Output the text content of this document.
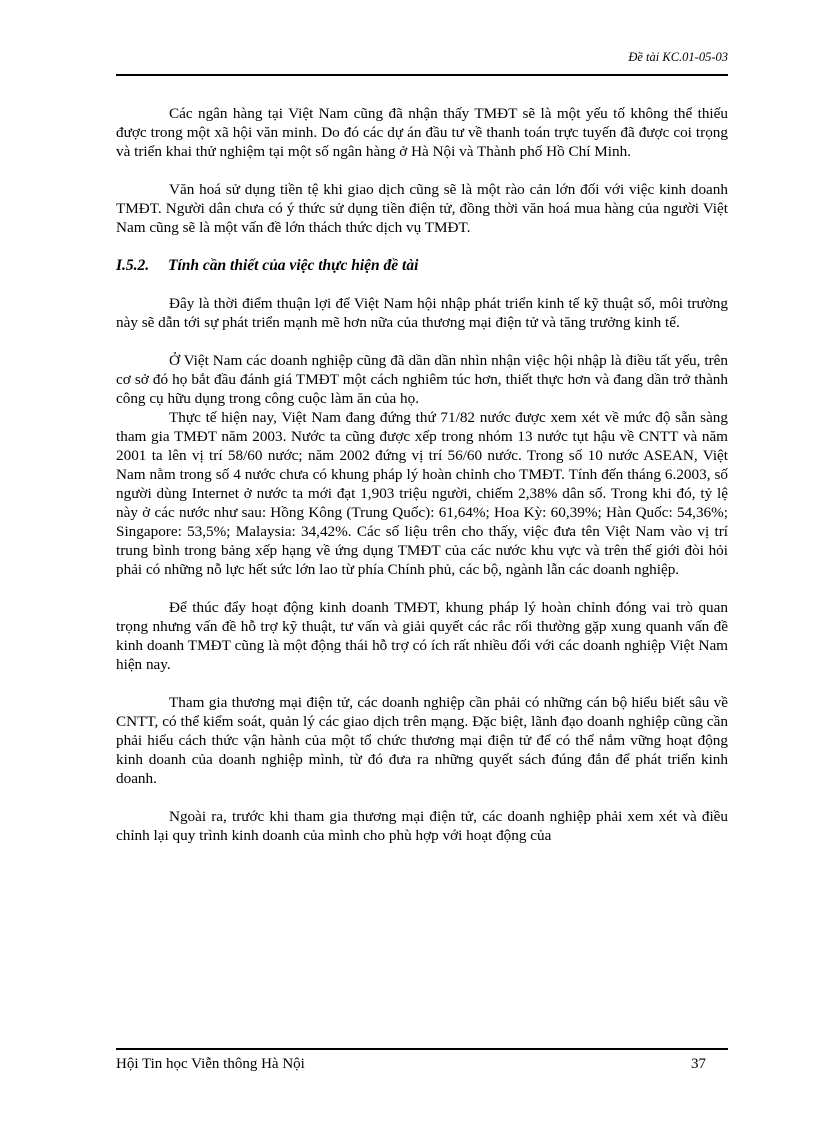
Đề tài KC.01-05-03

Các ngân hàng tại Việt Nam cũng đã nhận thấy TMĐT sẽ là một yếu tố không thể thiếu được trong một xã hội văn minh. Do đó các dự án đầu tư về thanh toán trực tuyến đã được coi trọng và triển khai thử nghiệm tại một số ngân hàng ở Hà Nội và Thành phố Hồ Chí Minh.

Văn hoá sử dụng tiền tệ khi giao dịch cũng sẽ là một rào cản lớn đối với việc kinh doanh TMĐT. Người dân chưa có ý thức sử dụng tiền điện tử, đồng thời văn hoá mua hàng của người Việt Nam cũng sẽ là một vấn đề lớn thách thức dịch vụ TMĐT.

I.5.2. Tính cần thiết của việc thực hiện đề tài

Đây là thời điểm thuận lợi để Việt Nam hội nhập phát triển kinh tế kỹ thuật số, môi trường này sẽ dẫn tới sự phát triển mạnh mẽ hơn nữa của thương mại điện tử và tăng trưởng kinh tế.

Ở Việt Nam các doanh nghiệp cũng đã dần dần nhìn nhận việc hội nhập là điều tất yếu, trên cơ sở đó họ bắt đầu đánh giá TMĐT một cách nghiêm túc hơn, thiết thực hơn và đang dần trở thành công cụ hữu dụng trong công cuộc làm ăn của họ.

Thực tế hiện nay, Việt Nam đang đứng thứ 71/82 nước được xem xét về mức độ sẵn sàng tham gia TMĐT năm 2003. Nước ta cũng được xếp trong nhóm 13 nước tụt hậu về CNTT và năm 2001 ta lên vị trí 58/60 nước; năm 2002 đứng vị trí 56/60 nước. Trong số 10 nước ASEAN, Việt Nam nằm trong số 4 nước chưa có khung pháp lý hoàn chỉnh cho TMĐT. Tính đến tháng 6.2003, số người dùng Internet ở nước ta mới đạt 1,903 triệu người, chiếm 2,38% dân số. Trong khi đó, tỷ lệ này ở các nước như sau: Hồng Kông (Trung Quốc): 61,64%; Hoa Kỳ: 60,39%; Hàn Quốc: 54,36%; Singapore: 53,5%; Malaysia: 34,42%. Các số liệu trên cho thấy, việc đưa tên Việt Nam vào vị trí trung bình trong bảng xếp hạng về ứng dụng TMĐT của các nước khu vực và trên thế giới đòi hỏi phải có những nỗ lực hết sức lớn lao từ phía Chính phủ, các bộ, ngành lẫn các doanh nghiệp.

Để thúc đẩy hoạt động kinh doanh TMĐT, khung pháp lý hoàn chỉnh đóng vai trò quan trọng nhưng vấn đề hỗ trợ kỹ thuật, tư vấn và giải quyết các rắc rối thường gặp xung quanh vấn đề kinh doanh TMĐT cũng là một động thái hỗ trợ có ích rất nhiều đối với các doanh nghiệp Việt Nam hiện nay.

Tham gia thương mại điện tử, các doanh nghiệp cần phải có những cán bộ hiểu biết sâu về CNTT, có thể kiểm soát, quản lý các giao dịch trên mạng. Đặc biệt, lãnh đạo doanh nghiệp cũng cần phải hiểu cách thức vận hành của một tổ chức thương mại điện tử để có thể nắm vững hoạt động kinh doanh của doanh nghiệp mình, từ đó đưa ra những quyết sách đúng đắn để phát triển kinh doanh.

Ngoài ra, trước khi tham gia thương mại điện tử, các doanh nghiệp phải xem xét và điều chỉnh lại quy trình kinh doanh của mình cho phù hợp với hoạt động của

Hội Tin học Viễn thông Hà Nội	37
